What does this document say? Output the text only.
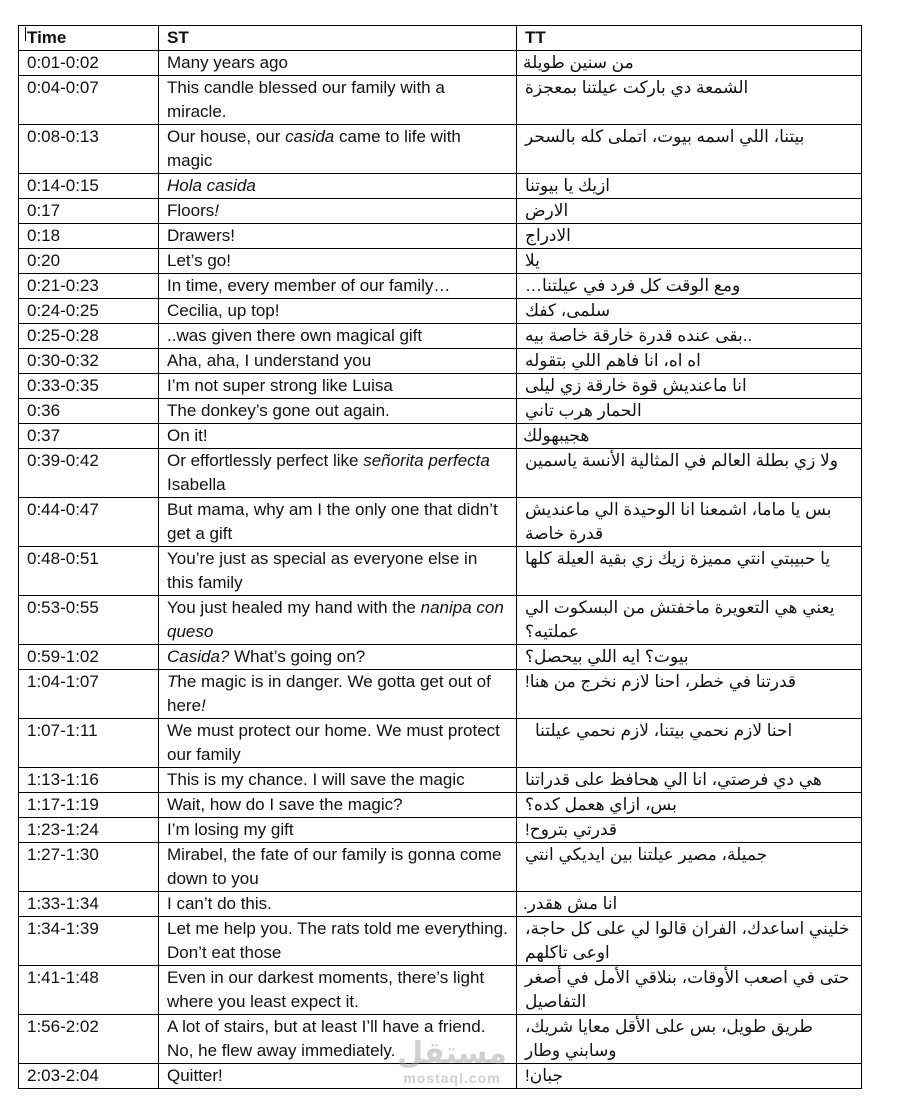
Time	ST	TT
0:01-0:02	Many years ago	من سنين طويلة
0:04-0:07	This candle blessed our family with a miracle.	الشمعة دي باركت عيلتنا بمعجزة
0:08-0:13	Our house, our casida came to life with magic	بيتنا، اللي اسمه بيوت، اتملى كله بالسحر
0:14-0:15	Hola casida	ازيك يا بيوتنا
0:17	Floors!	الارض
0:18	Drawers!	الادراج
0:20	Let’s go!	يلا
0:21-0:23	In time, every member of our family…	ومع الوقت كل فرد في عيلتنا…
0:24-0:25	Cecilia, up top!	سلمى، كفك
0:25-0:28	..was given there own magical gift	..بقى عنده قدرة خارقة خاصة بيه
0:30-0:32	Aha, aha, I understand you	اه اه، انا فاهم اللي بتقوله
0:33-0:35	I’m not super strong like Luisa	انا ماعنديش قوة خارقة زي ليلى
0:36	The donkey’s gone out again.	الحمار هرب تاني
0:37	On it!	هجيبهولك
0:39-0:42	Or effortlessly perfect like señorita perfecta Isabella	ولا زي بطلة العالم في المثالية الأنسة ياسمين
0:44-0:47	But mama, why am I the only one that didn’t get a gift	بس يا ماما، اشمعنا انا الوحيدة الي ماعنديش قدرة خاصة
0:48-0:51	You’re just as special as everyone else in this family	يا حبيبتي انتي مميزة زيك زي بقية العيلة كلها
0:53-0:55	You just healed my hand with the nanipa con queso	يعني هي التعويرة ماخفتش من البسكوت الي عملتيه؟
0:59-1:02	Casida? What’s going on?	بيوت؟ ايه اللي بيحصل؟
1:04-1:07	The magic is in danger. We gotta get out of here!	قدرتنا في خطر، احنا لازم نخرج من هنا!
1:07-1:11	We must protect our home. We must protect our family	احنا لازم نحمي بيتنا، لازم نحمي عيلتنا
1:13-1:16	This is my chance. I will save the magic	هي دي فرصتي، انا الي هحافظ على قدراتنا
1:17-1:19	Wait, how do I save the magic?	بس، ازاي هعمل كده؟
1:23-1:24	I’m losing my gift	قدرتي بتروح!
1:27-1:30	Mirabel, the fate of our family is gonna come down to you	جميلة، مصير عيلتنا بين ايديكي انتي
1:33-1:34	I can’t do this.	انا مش هقدر.
1:34-1:39	Let me help you. The rats told me everything. Don’t eat those	خليني اساعدك، الفران قالوا لي على كل حاجة، اوعى تاكلهم
1:41-1:48	Even in our darkest moments, there’s light where you least expect it.	حتى في اصعب الأوقات، بنلاقي الأمل في أصغر التفاصيل
1:56-2:02	A lot of stairs, but at least I’ll have a friend. No, he flew away immediately.	طريق طويل، بس على الأقل معايا شريك، وسابني وطار
2:03-2:04	Quitter!	جبان!
مستقل
mostaql.com
